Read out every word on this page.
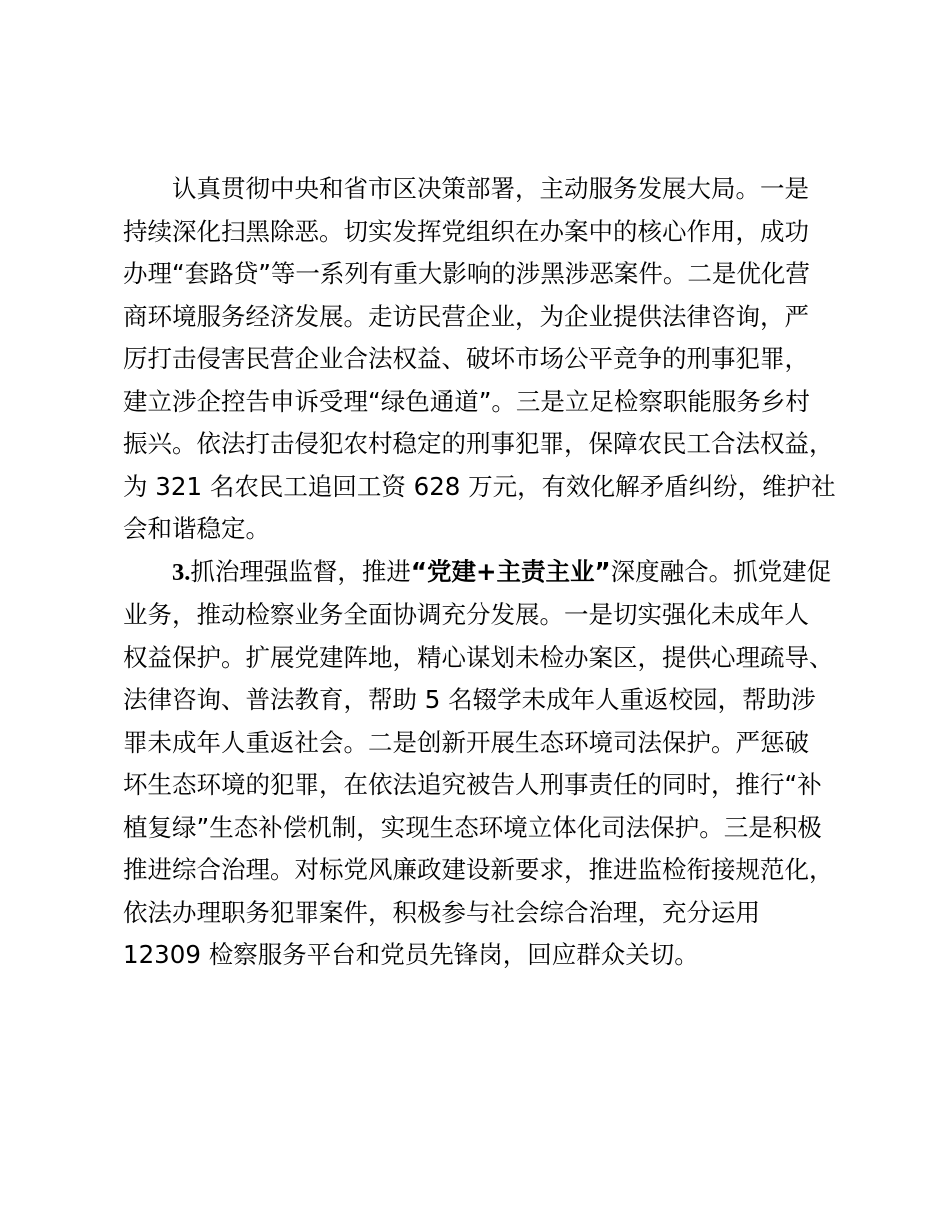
认真贯彻中央和省市区决策部署，主动服务发展大局。一是
持续深化扫黑除恶。切实发挥党组织在办案中的核心作用，成功
办理“套路贷”等一系列有重大影响的涉黑涉恶案件。二是优化营
商环境服务经济发展。走访民营企业，为企业提供法律咨询，严
厉打击侵害民营企业合法权益、破坏市场公平竞争的刑事犯罪，
建立涉企控告申诉受理“绿色通道”。三是立足检察职能服务乡村
振兴。依法打击侵犯农村稳定的刑事犯罪，保障农民工合法权益，
为 321 名农民工追回工资 628 万元，有效化解矛盾纠纷，维护社
会和谐稳定。
3.抓治理强监督，推进“党建+主责主业”深度融合。抓党建促
业务，推动检察业务全面协调充分发展。一是切实强化未成年人
权益保护。扩展党建阵地，精心谋划未检办案区，提供心理疏导、
法律咨询、普法教育，帮助 5 名辍学未成年人重返校园，帮助涉
罪未成年人重返社会。二是创新开展生态环境司法保护。严惩破
坏生态环境的犯罪，在依法追究被告人刑事责任的同时，推行“补
植复绿”生态补偿机制，实现生态环境立体化司法保护。三是积极
推进综合治理。对标党风廉政建设新要求，推进监检衔接规范化，
依法办理职务犯罪案件，积极参与社会综合治理，充分运用
12309 检察服务平台和党员先锋岗，回应群众关切。
